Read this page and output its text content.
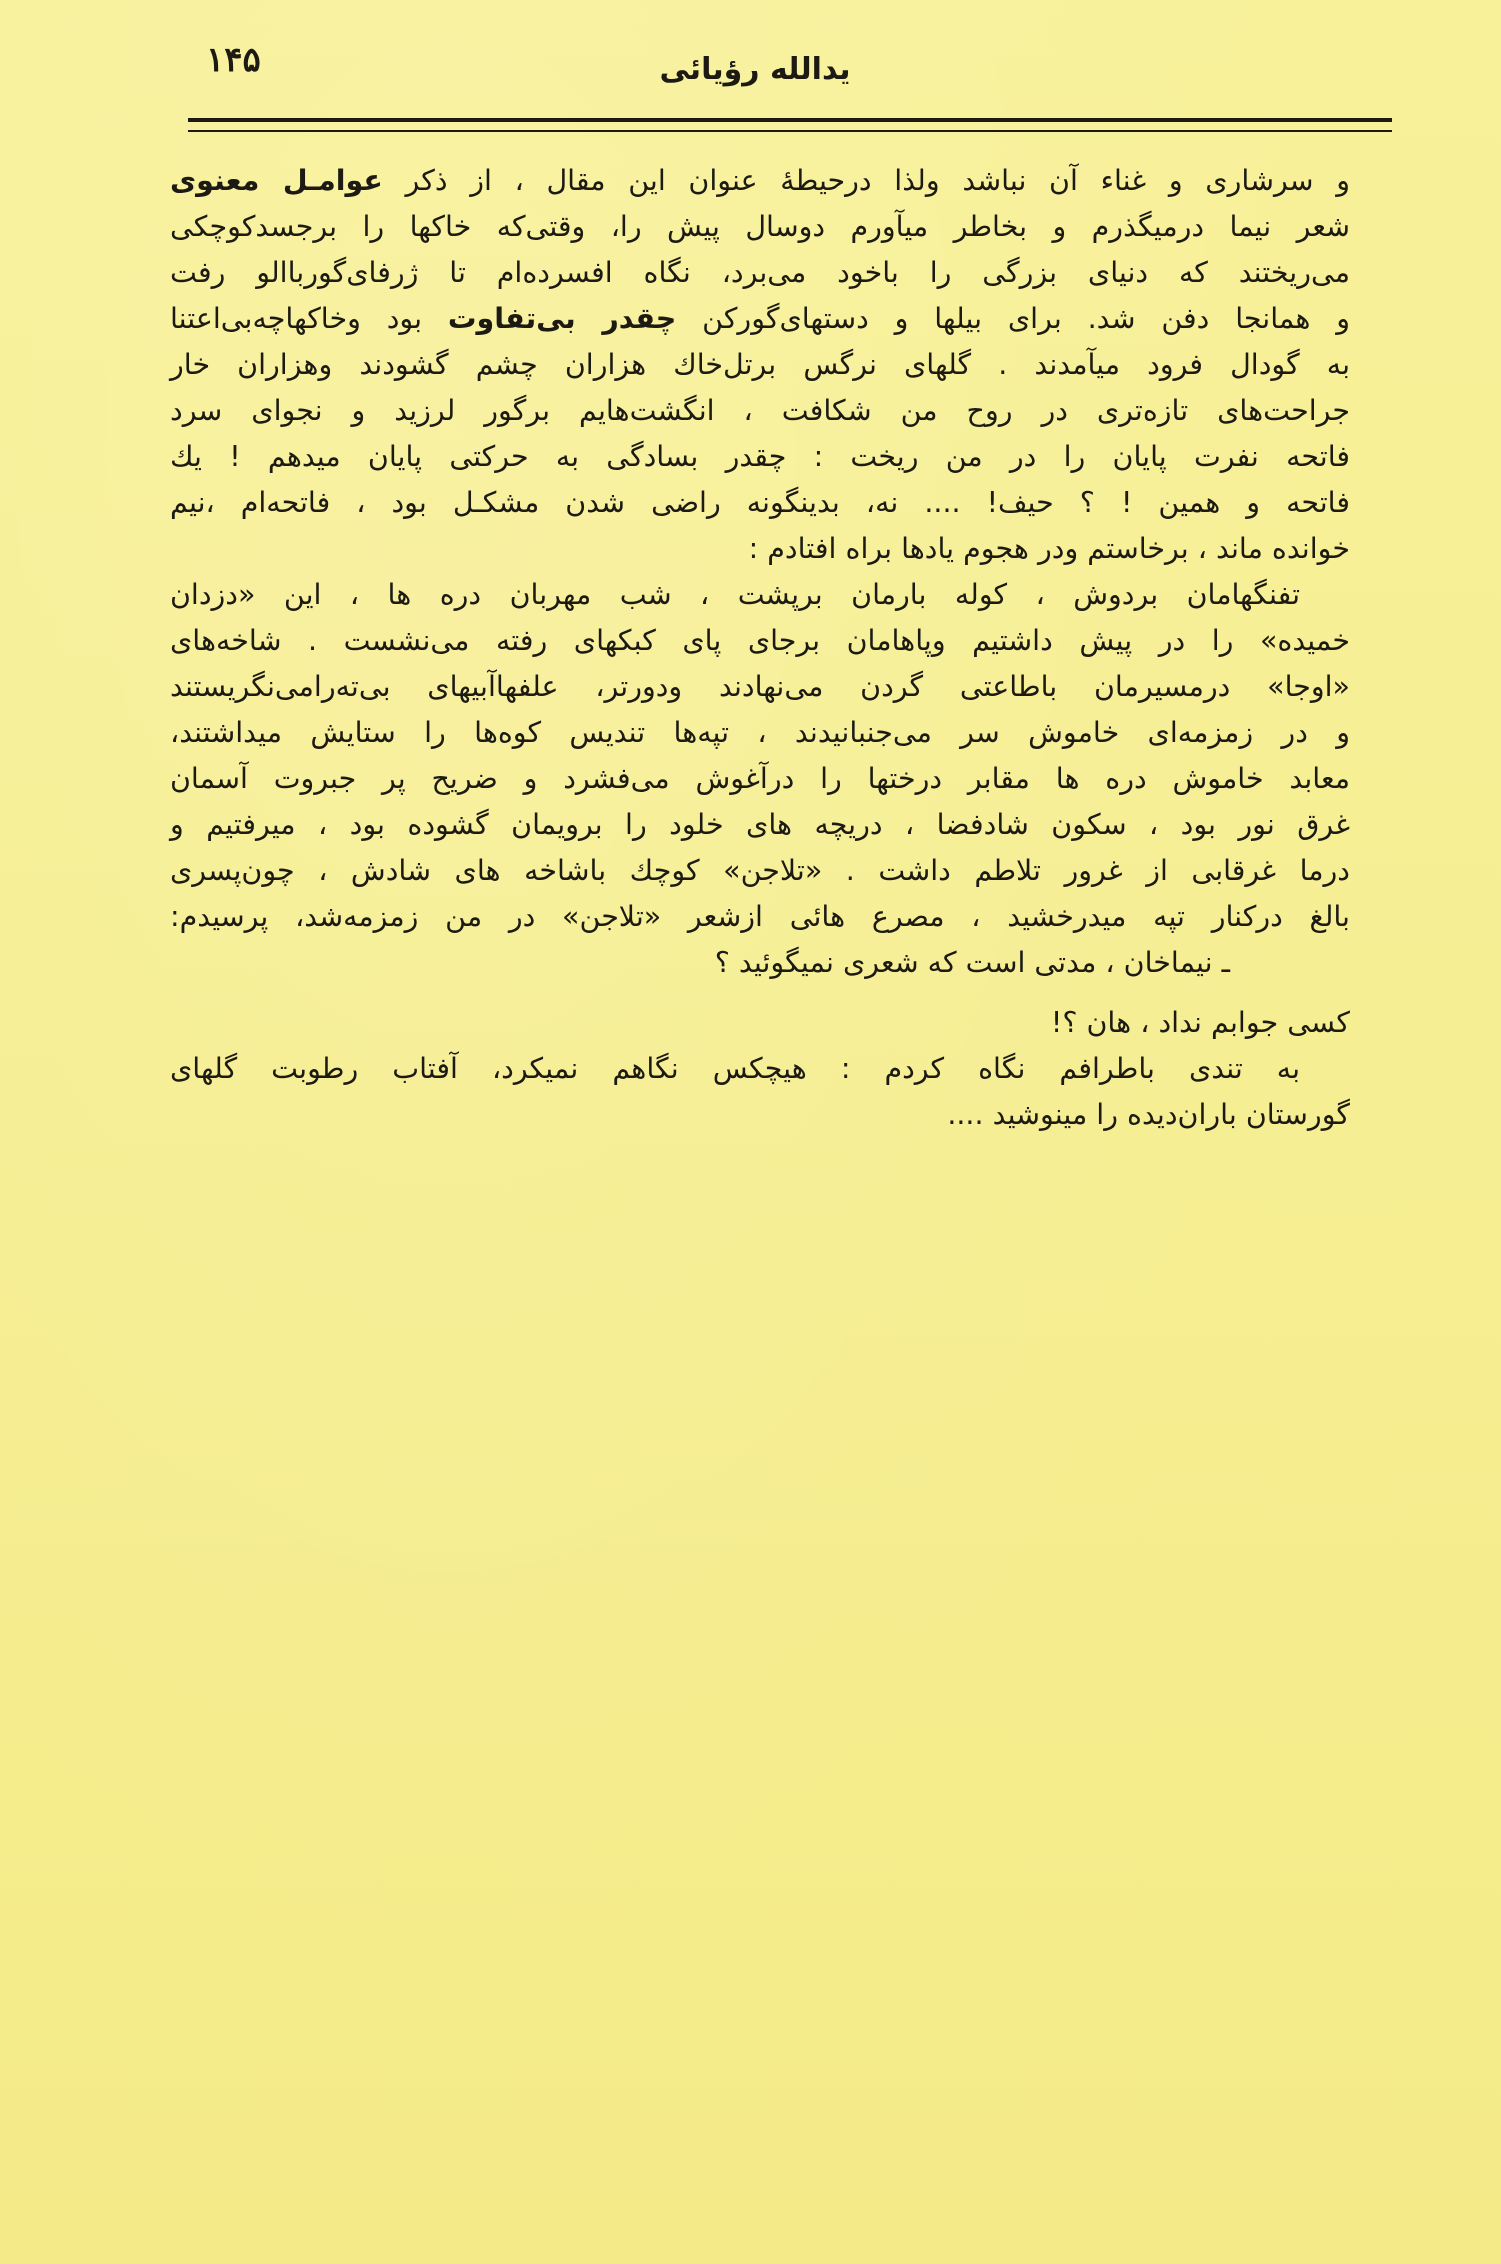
۱۴۵	یدالله رؤیائی
و سرشاری و غناء آن نباشد ولذا درحیطهٔ عنوان این مقال ، از ذکر عوامـل معنوی
شعر نیما درمیگذرم و بخاطر میآورم دوسال پیش را، وقتی‌که خاکها را برجسدکوچکی
می‌ریختند که دنیای بزرگی را باخود می‌برد، نگاه افسرده‌ام تا ژرفای‌گورباالو رفت
و همانجا دفن شد. برای بیلها و دستهای‌گورکن چقدر بی‌تفاوت بود وخاکهاچه‌بی‌اعتنا
به گودال فرود میآمدند . گلهای نرگس برتل‌خاك هزاران چشم گشودند وهزاران خار
جراحت‌های تازه‌تری در روح من شکافت ، انگشت‌هایم برگور لرزید و نجوای سرد
فاتحه نفرت پایان را در من ریخت : چقدر بسادگی به حرکتی پایان میدهم ! یك
فاتحه و همین ! ؟ حیف! .... نه، بدینگونه راضی شدن مشکـل بود ، فاتحه‌ام ،نیم
خوانده ماند ، برخاستم ودر هجوم یادها براه افتادم :
تفنگهامان بردوش ، کوله بارمان برپشت ، شب مهربان دره ها ، این «دزدان
خمیده» را در پیش داشتیم وپاهامان برجای پای کبکهای رفته می‌نشست . شاخه‌های
«اوجا» درمسیرمان باطاعتی گردن می‌نهادند ودورتر، علفهاآبیهای بی‌ته‌رامی‌نگریستند
و در زمزمه‌ای خاموش سر می‌جنبانیدند ، تپه‌ها تندیس کوه‌ها را ستایش میداشتند،
معابد خاموش دره ها مقابر درختها را درآغوش می‌فشرد و ضریح پر جبروت آسمان
غرق نور بود ، سکون شادفضا ، دریچه های خلود را برویمان گشوده بود ، میرفتیم و
درما غرقابی از غرور تلاطم داشت . «تلاجن» کوچك باشاخه های شادش ، چون‌پسری
بالغ درکنار تپه میدرخشید ، مصرع هائی ازشعر «تلاجن» در من زمزمه‌شد، پرسیدم:
ـ نیماخان ، مدتی است که شعری نمیگوئید ؟
کسی جوابم نداد ، هان ؟!
به تندی باطرافم نگاه کردم : هیچکس نگاهم نمیکرد، آفتاب رطوبت گلهای
گورستان باران‌دیده را مینوشید ....
